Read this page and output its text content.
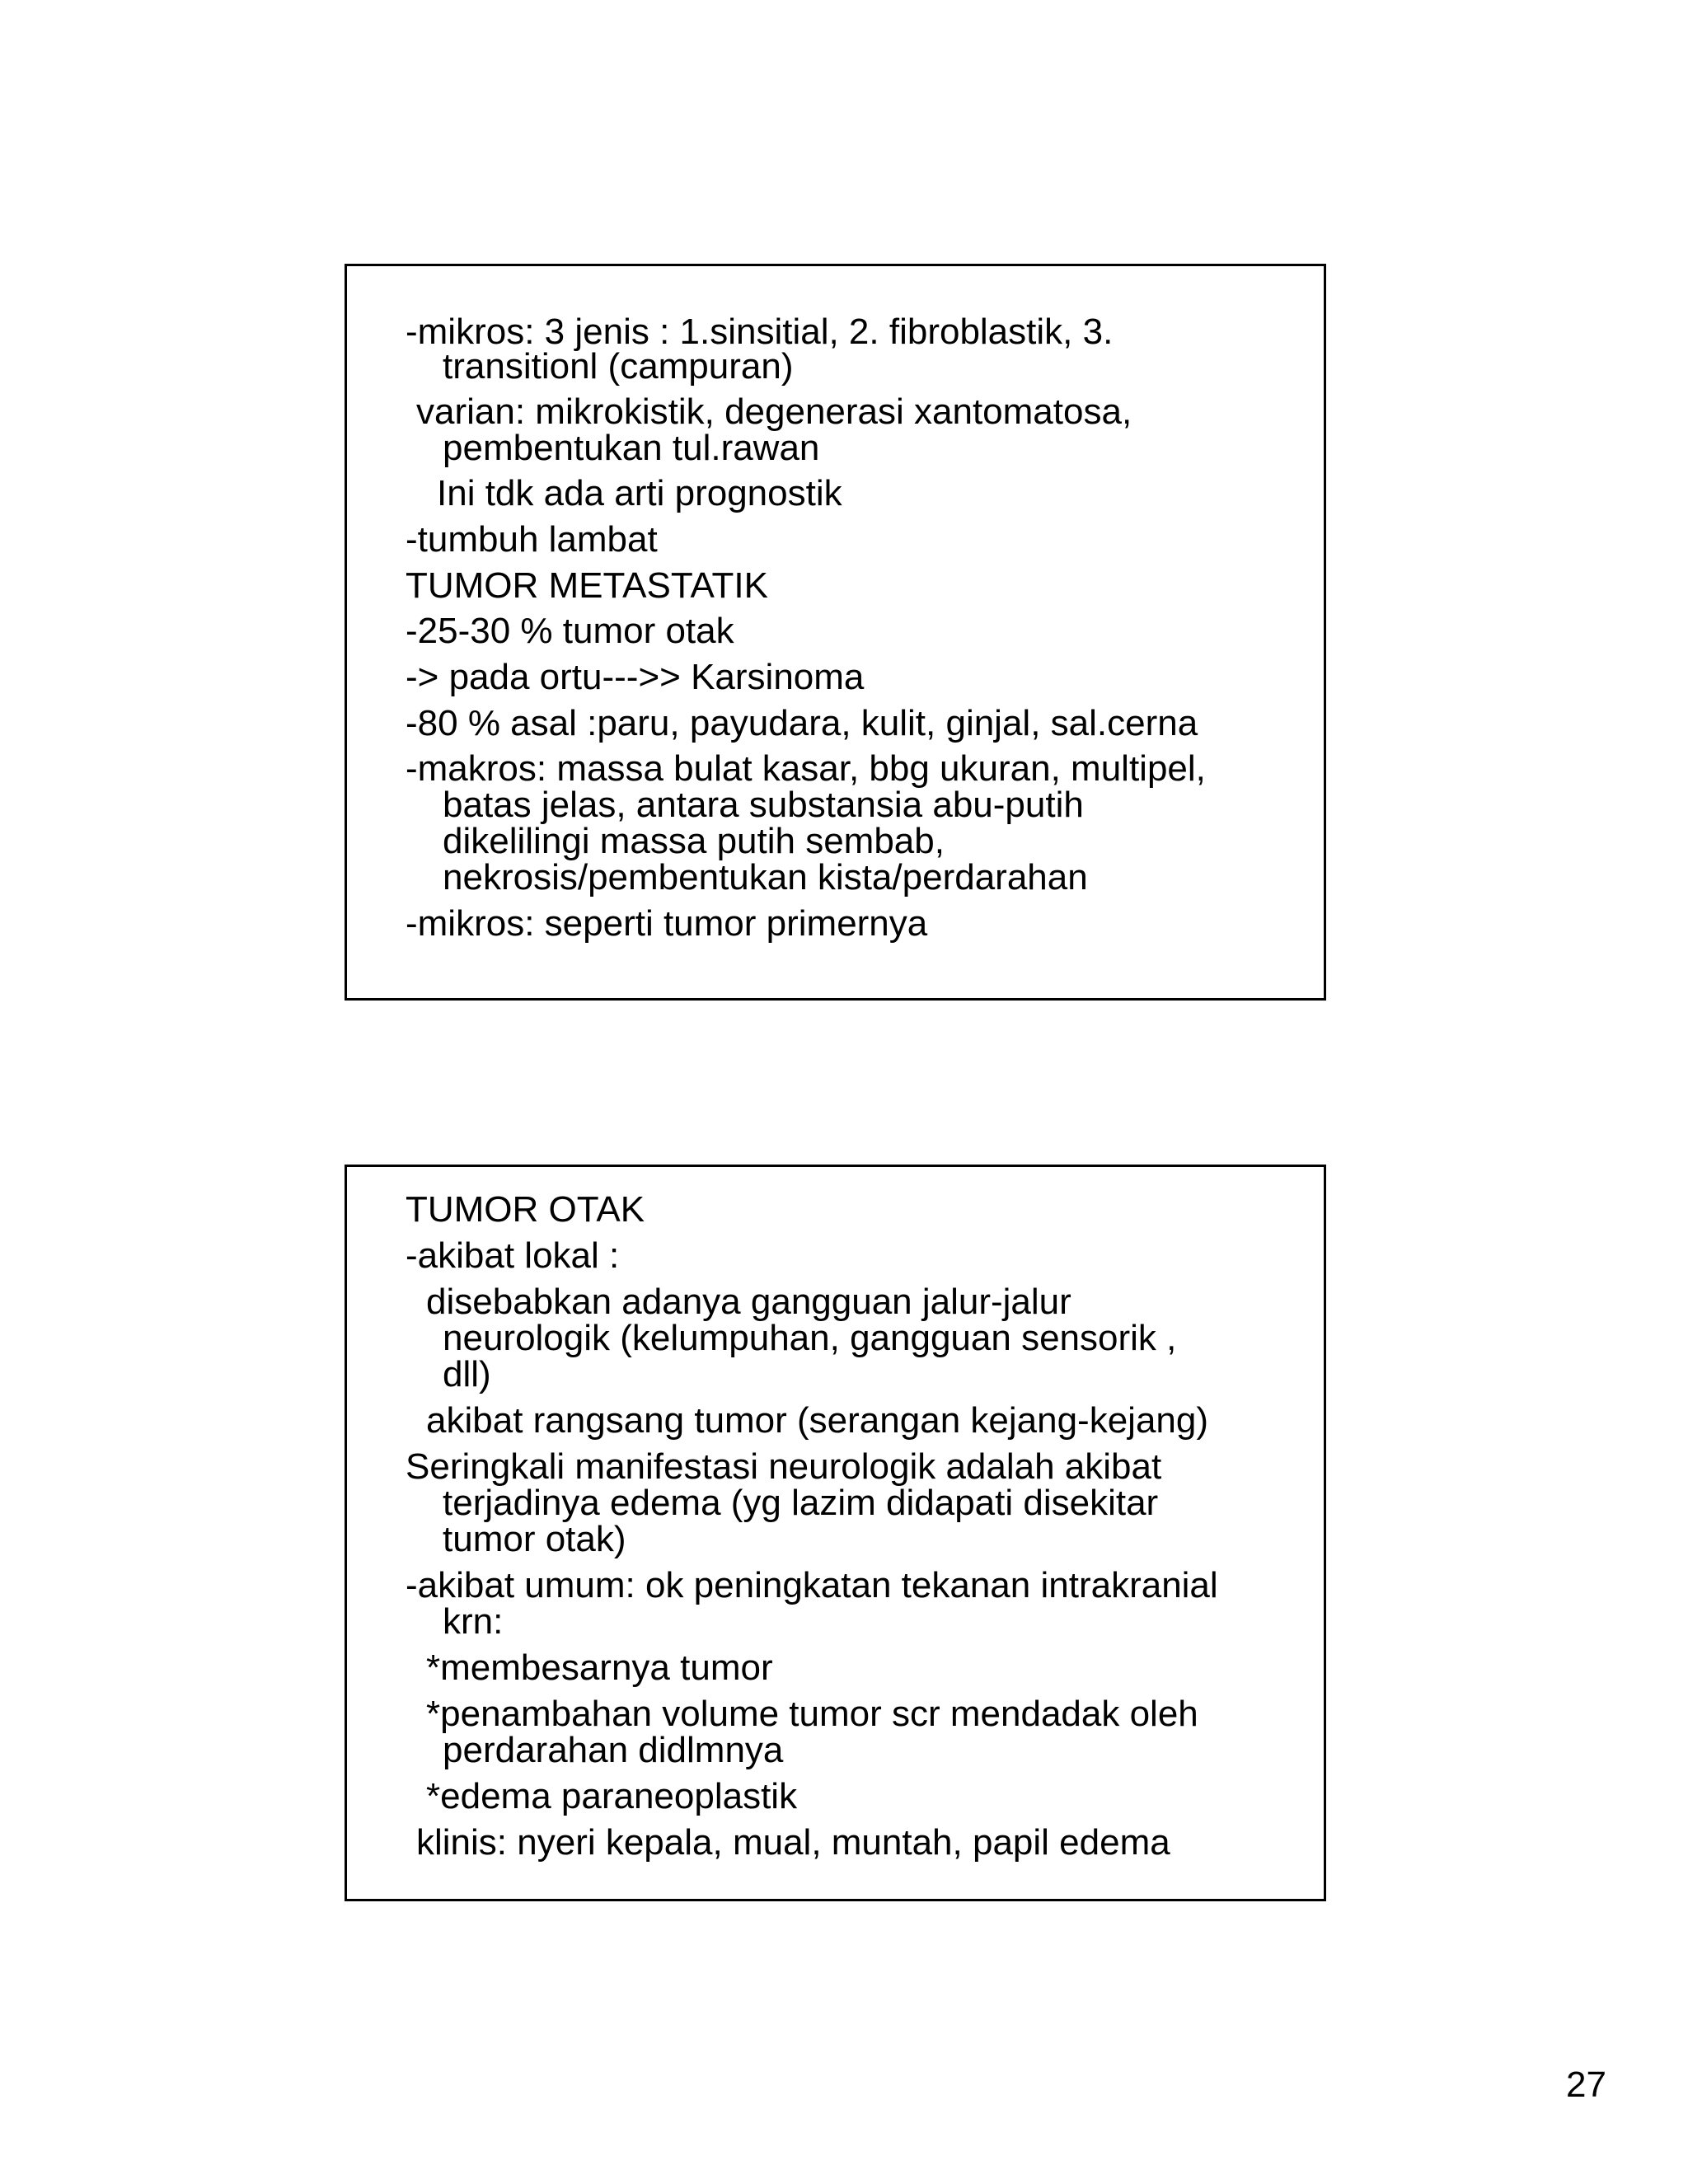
-mikros: 3 jenis : 1.sinsitial, 2. fibroblastik, 3.

transitionl (campuran)

varian: mikrokistik, degenerasi xantomatosa,

pembentukan tul.rawan

Ini tdk ada arti prognostik

-tumbuh lambat

TUMOR METASTATIK

-25-30 % tumor otak

-> pada ortu--->> Karsinoma

-80 % asal :paru, payudara, kulit, ginjal, sal.cerna

-makros: massa bulat kasar, bbg ukuran, multipel,

batas jelas, antara substansia abu-putih

dikelilingi massa putih sembab,

nekrosis/pembentukan kista/perdarahan

-mikros: seperti tumor primernya

TUMOR OTAK

-akibat lokal :

disebabkan adanya gangguan jalur-jalur

neurologik (kelumpuhan, gangguan sensorik ,

dll)

akibat rangsang tumor (serangan kejang-kejang)

Seringkali manifestasi neurologik adalah akibat

terjadinya edema (yg lazim didapati disekitar

tumor otak)

-akibat umum: ok peningkatan tekanan intrakranial

krn:

*membesarnya tumor

*penambahan volume tumor scr mendadak oleh

perdarahan didlmnya

*edema paraneoplastik

klinis: nyeri kepala, mual, muntah, papil edema

27
